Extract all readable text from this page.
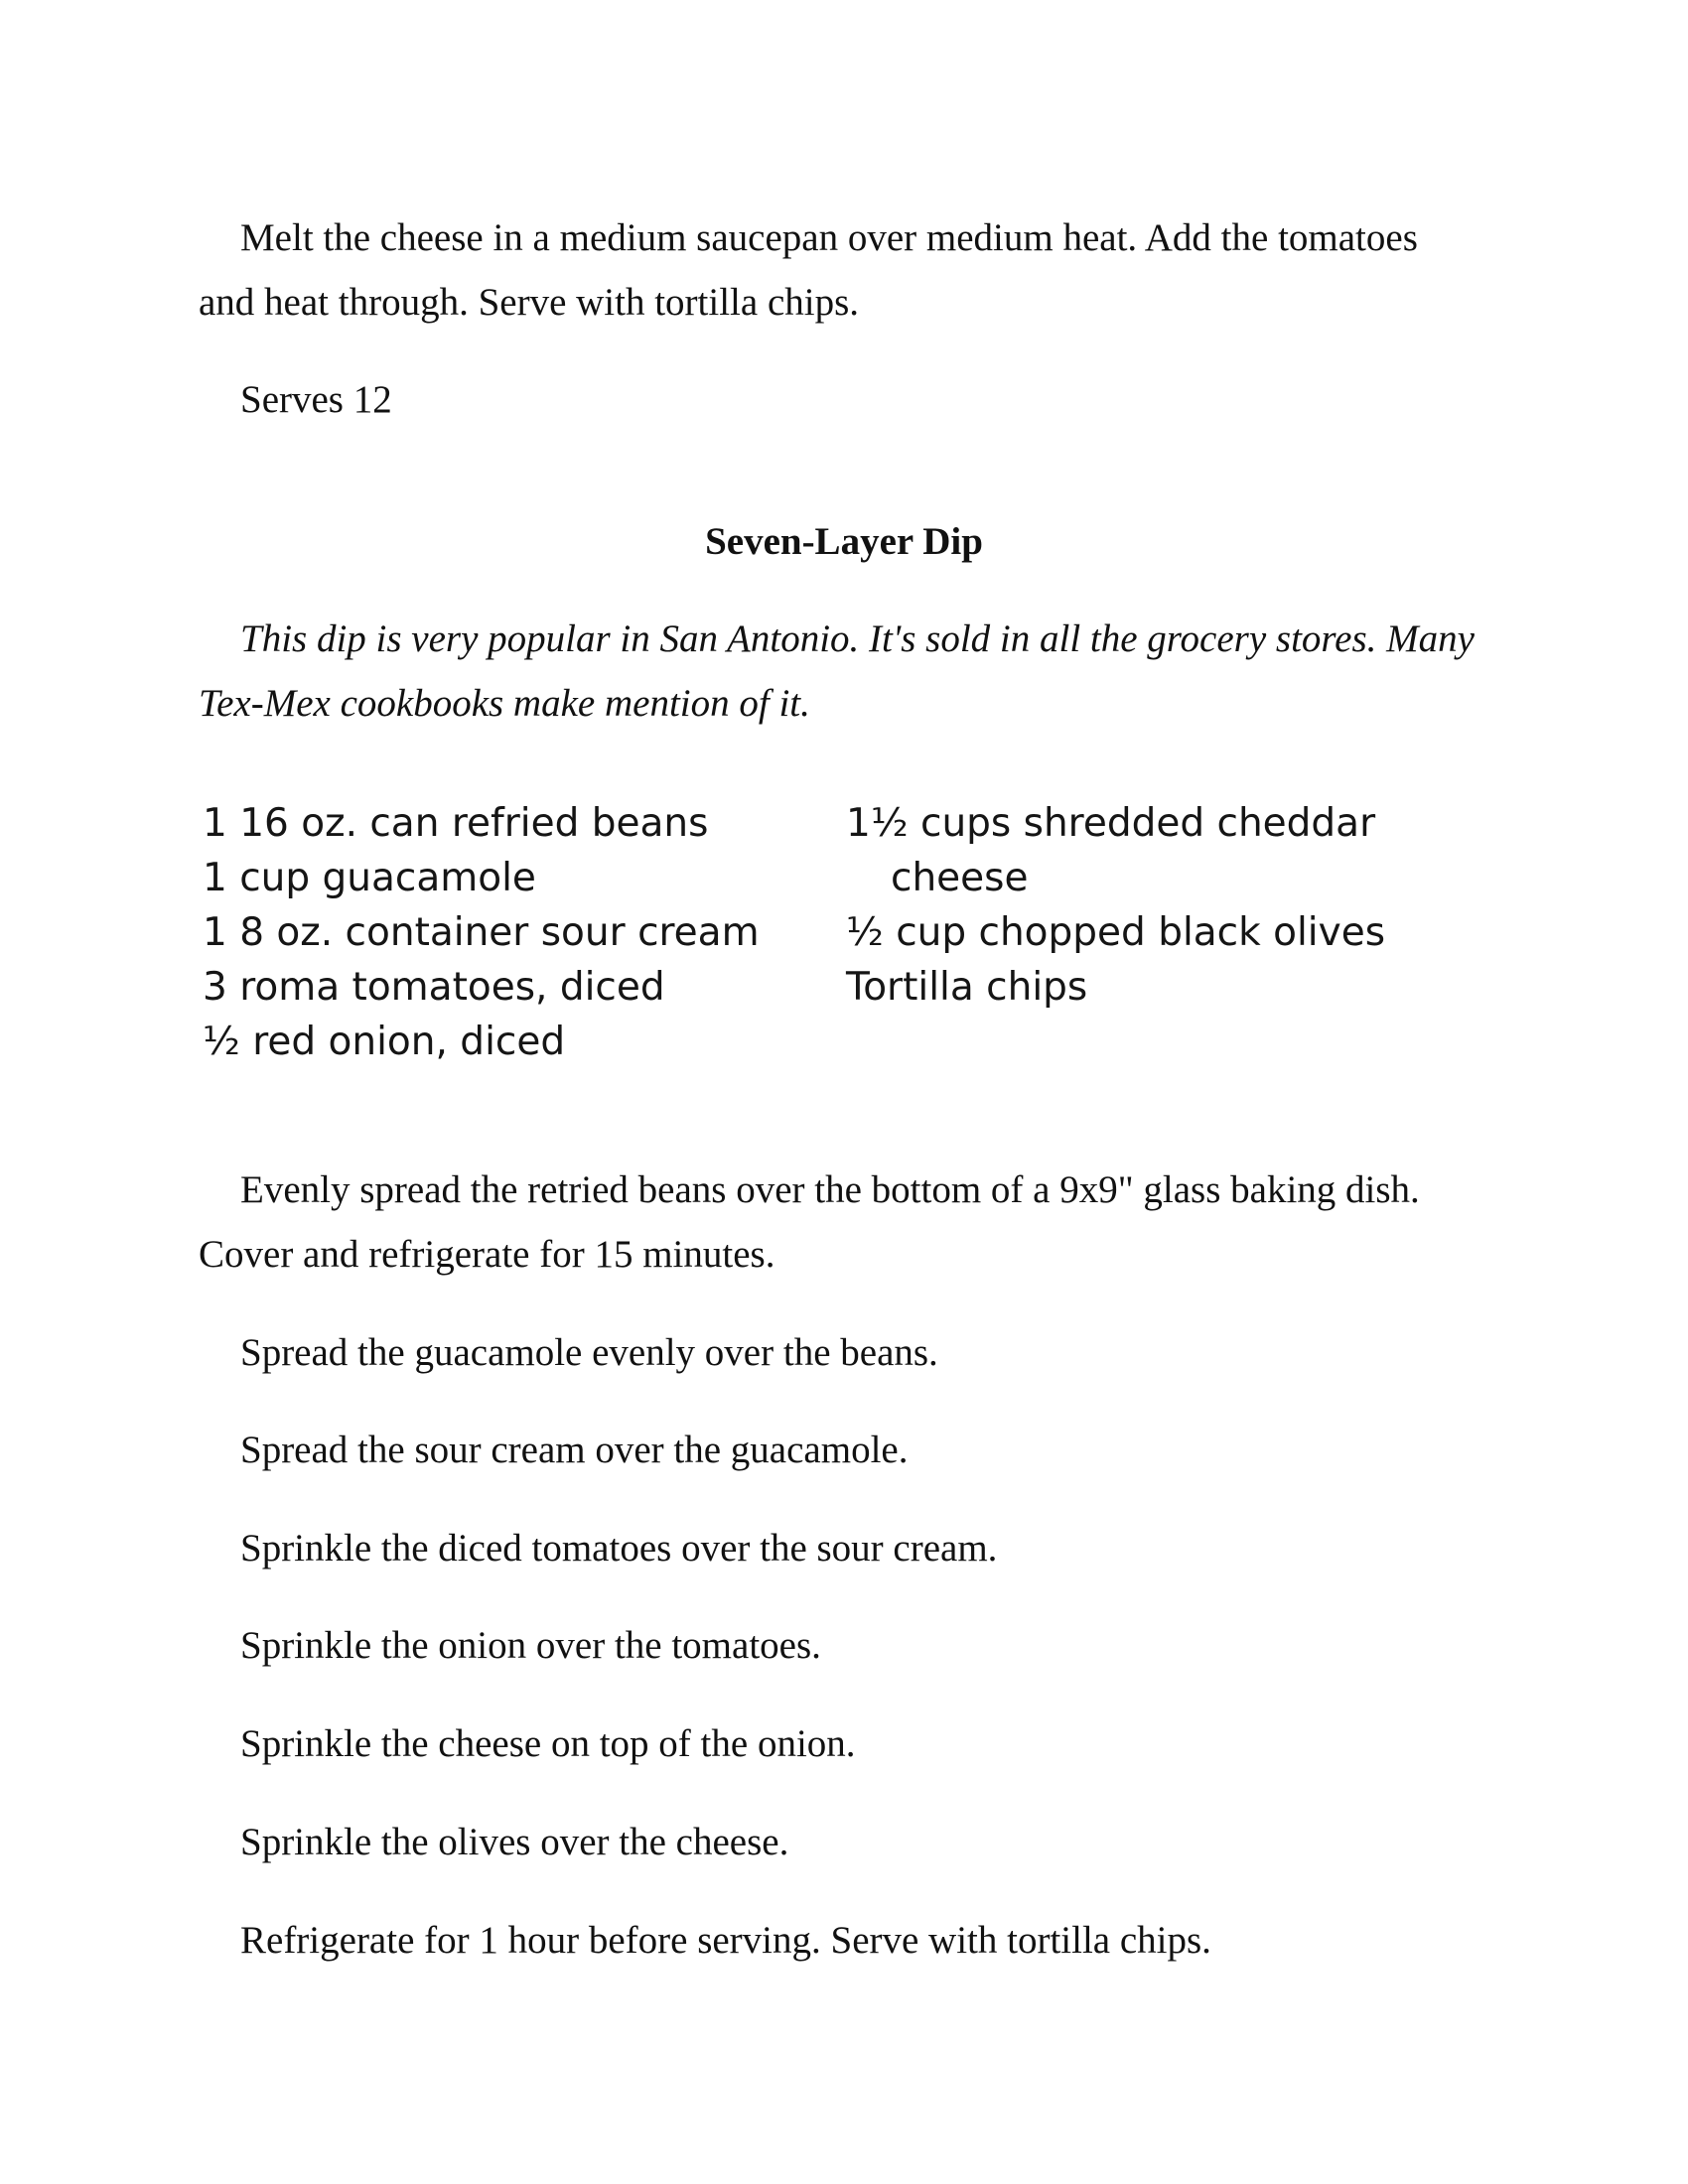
Melt the cheese in a medium saucepan over medium heat. Add the tomatoes and heat through. Serve with tortilla chips.

Serves 12

Seven-Layer Dip

This dip is very popular in San Antonio. It's sold in all the grocery stores. Many Tex-Mex cookbooks make mention of it.

1 16 oz. can refried beans
1 cup guacamole
1 8 oz. container sour cream
3 roma tomatoes, diced
½ red onion, diced
1½ cups shredded cheddar cheese
½ cup chopped black olives
Tortilla chips

Evenly spread the retried beans over the bottom of a 9x9" glass baking dish. Cover and refrigerate for 15 minutes.

Spread the guacamole evenly over the beans.

Spread the sour cream over the guacamole.

Sprinkle the diced tomatoes over the sour cream.

Sprinkle the onion over the tomatoes.

Sprinkle the cheese on top of the onion.

Sprinkle the olives over the cheese.

Refrigerate for 1 hour before serving. Serve with tortilla chips.
